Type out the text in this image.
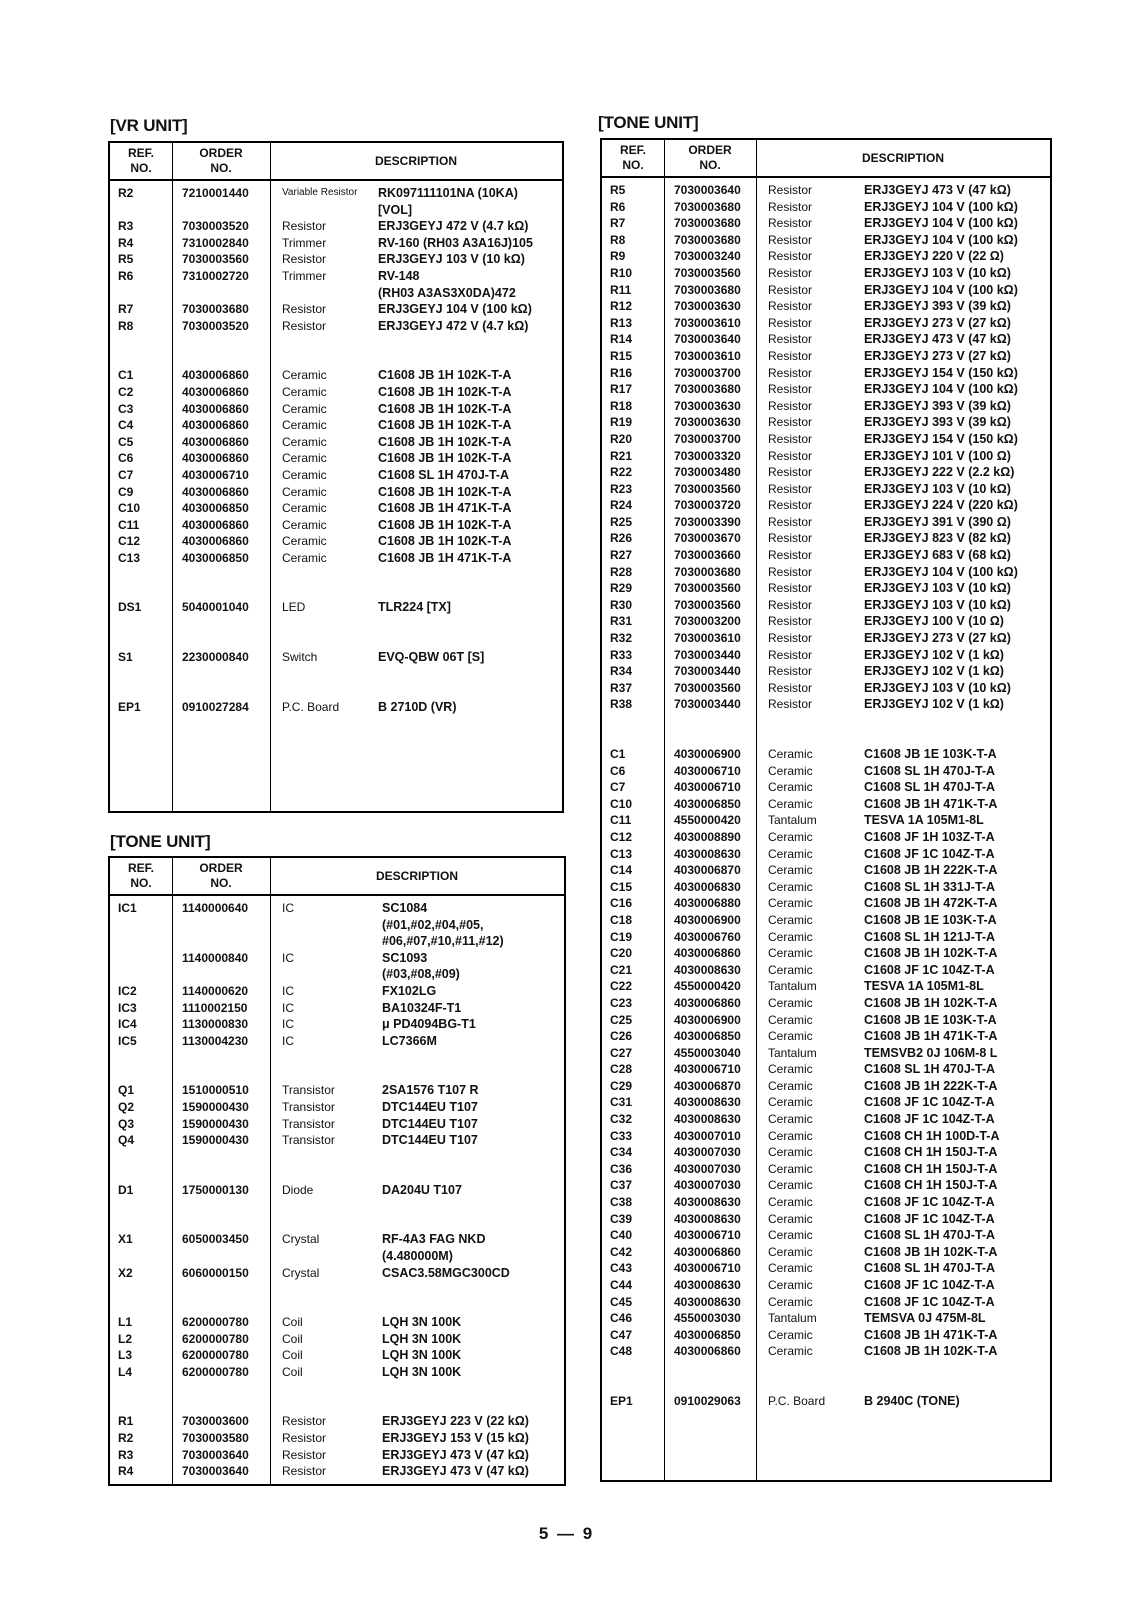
[VR UNIT]
[TONE UNIT]
[TONE UNIT]
REF.
NO.
ORDER
NO.
DESCRIPTION
R2	7210001440	Variable Resistor RK097111101NA (10KA)
[VOL]
R3	7030003520	Resistor	ERJ3GEYJ 472 V (4.7 kΩ)
R4	7310002840	Trimmer	RV-160 (RH03 A3A16J)105
R5	7030003560	Resistor	ERJ3GEYJ 103 V (10 kΩ)
R6	7310002720	Trimmer	RV-148
(RH03 A3AS3X0DA)472
R7	7030003680	Resistor	ERJ3GEYJ 104 V (100 kΩ)
R8	7030003520	Resistor	ERJ3GEYJ 472 V (4.7 kΩ)
C1	4030006860	Ceramic	C1608 JB 1H 102K-T-A
C2	4030006860	Ceramic	C1608 JB 1H 102K-T-A
C3	4030006860	Ceramic	C1608 JB 1H 102K-T-A
C4	4030006860	Ceramic	C1608 JB 1H 102K-T-A
C5	4030006860	Ceramic	C1608 JB 1H 102K-T-A
C6	4030006860	Ceramic	C1608 JB 1H 102K-T-A
C7	4030006710	Ceramic	C1608 SL 1H 470J-T-A
C9	4030006860	Ceramic	C1608 JB 1H 102K-T-A
C10	4030006850	Ceramic	C1608 JB 1H 471K-T-A
C11	4030006860	Ceramic	C1608 JB 1H 102K-T-A
C12	4030006860	Ceramic	C1608 JB 1H 102K-T-A
C13	4030006850	Ceramic	C1608 JB 1H 471K-T-A
DS1	5040001040	LED	TLR224 [TX]
S1	2230000840	Switch	EVQ-QBW 06T [S]
EP1	0910027284	P.C. Board	B 2710D (VR)
REF.
NO.
ORDER
NO.
DESCRIPTION
IC1	1140000640	IC	SC1084
(#01,#02,#04,#05,
#06,#07,#10,#11,#12)
1140000840	IC	SC1093
(#03,#08,#09)
IC2	1140000620	IC	FX102LG
IC3	1110002150	IC	BA10324F-T1
IC4	1130000830	IC	μ PD4094BG-T1
IC5	1130004230	IC	LC7366M
Q1	1510000510	Transistor	2SA1576 T107 R
Q2	1590000430	Transistor	DTC144EU T107
Q3	1590000430	Transistor	DTC144EU T107
Q4	1590000430	Transistor	DTC144EU T107
D1	1750000130	Diode	DA204U T107
X1	6050003450	Crystal	RF-4A3 FAG NKD
(4.480000M)
X2	6060000150	Crystal	CSAC3.58MGC300CD
L1	6200000780	Coil	LQH 3N 100K
L2	6200000780	Coil	LQH 3N 100K
L3	6200000780	Coil	LQH 3N 100K
L4	6200000780	Coil	LQH 3N 100K
R1	7030003600	Resistor	ERJ3GEYJ 223 V (22 kΩ)
R2	7030003580	Resistor	ERJ3GEYJ 153 V (15 kΩ)
R3	7030003640	Resistor	ERJ3GEYJ 473 V (47 kΩ)
R4	7030003640	Resistor	ERJ3GEYJ 473 V (47 kΩ)
REF.
NO.
ORDER
NO.
DESCRIPTION
R5	7030003640 Resistor	ERJ3GEYJ 473 V (47 kΩ)
R6	7030003680 Resistor	ERJ3GEYJ 104 V (100 kΩ)
R7	7030003680 Resistor	ERJ3GEYJ 104 V (100 kΩ)
R8	7030003680 Resistor	ERJ3GEYJ 104 V (100 kΩ)
R9	7030003240 Resistor	ERJ3GEYJ 220 V (22 Ω)
R10	7030003560 Resistor	ERJ3GEYJ 103 V (10 kΩ)
R11	7030003680 Resistor	ERJ3GEYJ 104 V (100 kΩ)
R12	7030003630 Resistor	ERJ3GEYJ 393 V (39 kΩ)
R13	7030003610 Resistor	ERJ3GEYJ 273 V (27 kΩ)
R14	7030003640 Resistor	ERJ3GEYJ 473 V (47 kΩ)
R15	7030003610 Resistor	ERJ3GEYJ 273 V (27 kΩ)
R16	7030003700 Resistor	ERJ3GEYJ 154 V (150 kΩ)
R17	7030003680 Resistor	ERJ3GEYJ 104 V (100 kΩ)
R18	7030003630 Resistor	ERJ3GEYJ 393 V (39 kΩ)
R19	7030003630 Resistor	ERJ3GEYJ 393 V (39 kΩ)
R20	7030003700 Resistor	ERJ3GEYJ 154 V (150 kΩ)
R21	7030003320 Resistor	ERJ3GEYJ 101 V (100 Ω)
R22	7030003480 Resistor	ERJ3GEYJ 222 V (2.2 kΩ)
R23	7030003560 Resistor	ERJ3GEYJ 103 V (10 kΩ)
R24	7030003720 Resistor	ERJ3GEYJ 224 V (220 kΩ)
R25	7030003390 Resistor	ERJ3GEYJ 391 V (390 Ω)
R26	7030003670 Resistor	ERJ3GEYJ 823 V (82 kΩ)
R27	7030003660 Resistor	ERJ3GEYJ 683 V (68 kΩ)
R28	7030003680 Resistor	ERJ3GEYJ 104 V (100 kΩ)
R29	7030003560 Resistor	ERJ3GEYJ 103 V (10 kΩ)
R30	7030003560 Resistor	ERJ3GEYJ 103 V (10 kΩ)
R31	7030003200 Resistor	ERJ3GEYJ 100 V (10 Ω)
R32	7030003610 Resistor	ERJ3GEYJ 273 V (27 kΩ)
R33	7030003440 Resistor	ERJ3GEYJ 102 V (1 kΩ)
R34	7030003440 Resistor	ERJ3GEYJ 102 V (1 kΩ)
R37	7030003560 Resistor	ERJ3GEYJ 103 V (10 kΩ)
R38	7030003440 Resistor	ERJ3GEYJ 102 V (1 kΩ)
C1	4030006900 Ceramic	C1608 JB 1E 103K-T-A
C6	4030006710 Ceramic	C1608 SL 1H 470J-T-A
C7	4030006710 Ceramic	C1608 SL 1H 470J-T-A
C10	4030006850 Ceramic	C1608 JB 1H 471K-T-A
C11	4550000420 Tantalum	TESVA 1A 105M1-8L
C12	4030008890 Ceramic	C1608 JF 1H 103Z-T-A
C13	4030008630 Ceramic	C1608 JF 1C 104Z-T-A
C14	4030006870 Ceramic	C1608 JB 1H 222K-T-A
C15	4030006830 Ceramic	C1608 SL 1H 331J-T-A
C16	4030006880 Ceramic	C1608 JB 1H 472K-T-A
C18	4030006900 Ceramic	C1608 JB 1E 103K-T-A
C19	4030006760 Ceramic	C1608 SL 1H 121J-T-A
C20	4030006860 Ceramic	C1608 JB 1H 102K-T-A
C21	4030008630 Ceramic	C1608 JF 1C 104Z-T-A
C22	4550000420 Tantalum	TESVA 1A 105M1-8L
C23	4030006860 Ceramic	C1608 JB 1H 102K-T-A
C25	4030006900 Ceramic	C1608 JB 1E 103K-T-A
C26	4030006850 Ceramic	C1608 JB 1H 471K-T-A
C27	4550003040 Tantalum	TEMSVB2 0J 106M-8 L
C28	4030006710 Ceramic	C1608 SL 1H 470J-T-A
C29	4030006870 Ceramic	C1608 JB 1H 222K-T-A
C31	4030008630 Ceramic	C1608 JF 1C 104Z-T-A
C32	4030008630 Ceramic	C1608 JF 1C 104Z-T-A
C33	4030007010 Ceramic	C1608 CH 1H 100D-T-A
C34	4030007030 Ceramic	C1608 CH 1H 150J-T-A
C36	4030007030 Ceramic	C1608 CH 1H 150J-T-A
C37	4030007030 Ceramic	C1608 CH 1H 150J-T-A
C38	4030008630 Ceramic	C1608 JF 1C 104Z-T-A
C39	4030008630 Ceramic	C1608 JF 1C 104Z-T-A
C40	4030006710 Ceramic	C1608 SL 1H 470J-T-A
C42	4030006860 Ceramic	C1608 JB 1H 102K-T-A
C43	4030006710 Ceramic	C1608 SL 1H 470J-T-A
C44	4030008630 Ceramic	C1608 JF 1C 104Z-T-A
C45	4030008630 Ceramic	C1608 JF 1C 104Z-T-A
C46	4550003030 Tantalum	TEMSVA 0J 475M-8L
C47	4030006850 Ceramic	C1608 JB 1H 471K-T-A
C48	4030006860 Ceramic	C1608 JB 1H 102K-T-A
EP1	0910029063 P.C. Board	B 2940C (TONE)
5 — 9
